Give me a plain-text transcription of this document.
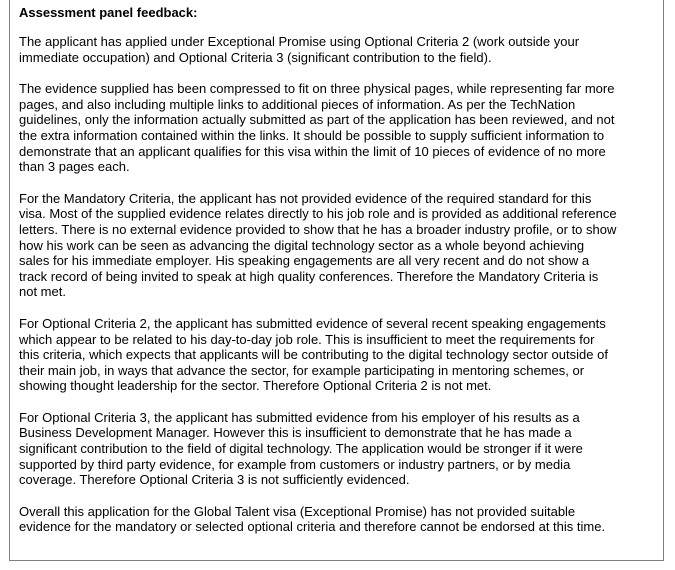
Assessment panel feedback:
The applicant has applied under Exceptional Promise using Optional Criteria 2 (work outside your
immediate occupation) and Optional Criteria 3 (significant contribution to the field).
The evidence supplied has been compressed to fit on three physical pages, while representing far more
pages, and also including multiple links to additional pieces of information. As per the TechNation
guidelines, only the information actually submitted as part of the application has been reviewed, and not
the extra information contained within the links. It should be possible to supply sufficient information to
demonstrate that an applicant qualifies for this visa within the limit of 10 pieces of evidence of no more
than 3 pages each.
For the Mandatory Criteria, the applicant has not provided evidence of the required standard for this
visa. Most of the supplied evidence relates directly to his job role and is provided as additional reference
letters. There is no external evidence provided to show that he has a broader industry profile, or to show
how his work can be seen as advancing the digital technology sector as a whole beyond achieving
sales for his immediate employer. His speaking engagements are all very recent and do not show a
track record of being invited to speak at high quality conferences. Therefore the Mandatory Criteria is
not met.
For Optional Criteria 2, the applicant has submitted evidence of several recent speaking engagements
which appear to be related to his day-to-day job role. This is insufficient to meet the requirements for
this criteria, which expects that applicants will be contributing to the digital technology sector outside of
their main job, in ways that advance the sector, for example participating in mentoring schemes, or
showing thought leadership for the sector. Therefore Optional Criteria 2 is not met.
For Optional Criteria 3, the applicant has submitted evidence from his employer of his results as a
Business Development Manager. However this is insufficient to demonstrate that he has made a
significant contribution to the field of digital technology. The application would be stronger if it were
supported by third party evidence, for example from customers or industry partners, or by media
coverage. Therefore Optional Criteria 3 is not sufficiently evidenced.
Overall this application for the Global Talent visa (Exceptional Promise) has not provided suitable
evidence for the mandatory or selected optional criteria and therefore cannot be endorsed at this time.
